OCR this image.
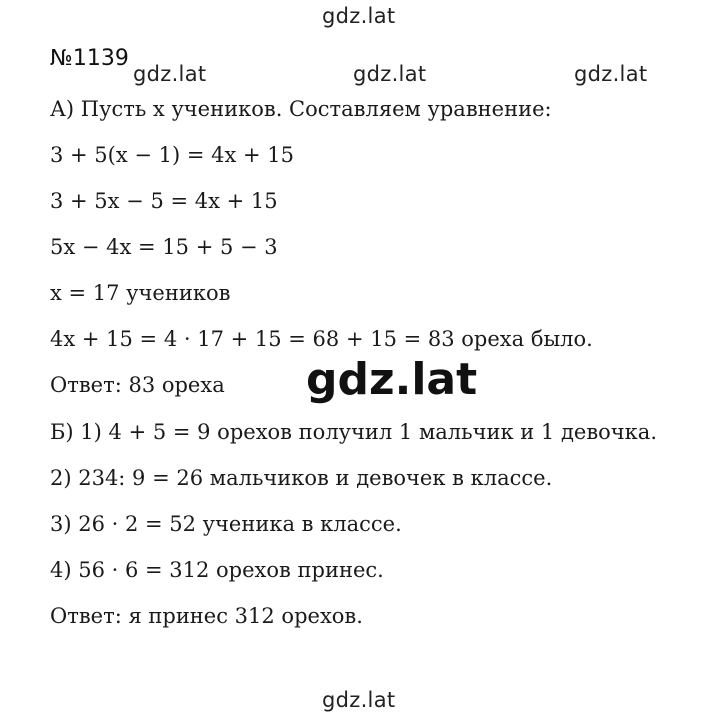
gdz.lat
№1139
gdz.lat	gdz.lat	gdz.lat
А) Пусть x учеников. Составляем уравнение:
3 + 5(x − 1) = 4x + 15
3 + 5x − 5 = 4x + 15
5x − 4x = 15 + 5 − 3
x = 17 учеников
4x + 15 = 4 · 17 + 15 = 68 + 15 = 83 ореха было.
Ответ: 83 ореха gdz.lat
Б) 1) 4 + 5 = 9 орехов получил 1 мальчик и 1 девочка.
2) 234: 9 = 26 мальчиков и девочек в классе.
3) 26 · 2 = 52 ученика в классе.
4) 56 · 6 = 312 орехов принес.
Ответ: я принес 312 орехов.
gdz.lat
